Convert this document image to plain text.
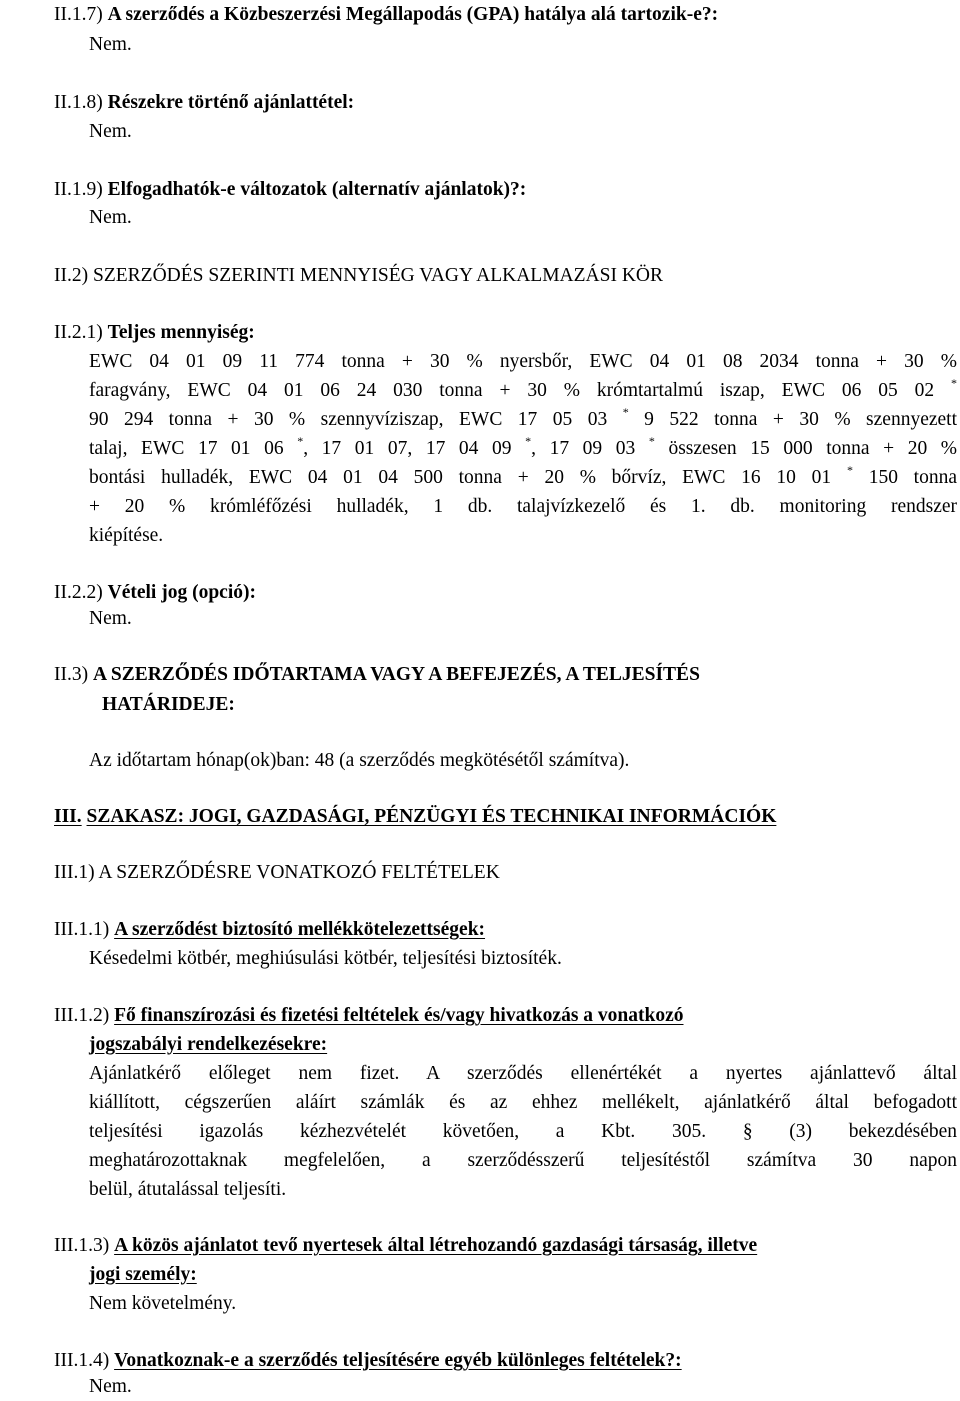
II.1.7) A szerződés a Közbeszerzési Megállapodás (GPA) hatálya alá tartozik-e?:
Nem.
II.1.8) Részekre történő ajánlattétel:
Nem.
II.1.9) Elfogadhatók-e változatok (alternatív ajánlatok)?:
Nem.
II.2) SZERZŐDÉS SZERINTI MENNYISÉG VAGY ALKALMAZÁSI KÖR
II.2.1) Teljes mennyiség:
EWC 04 01 09 11 774 tonna + 30 % nyersbőr, EWC 04 01 08 2034 tonna + 30 %
faragvány, EWC 04 01 06 24 030 tonna + 30 % krómtartalmú iszap, EWC 06 05 02 *
90 294 tonna + 30 % szennyvíziszap, EWC 17 05 03 * 9 522 tonna + 30 % szennyezett
talaj, EWC 17 01 06 *, 17 01 07, 17 04 09 *, 17 09 03 * összesen 15 000 tonna + 20 %
bontási hulladék, EWC 04 01 04 500 tonna + 20 % bőrvíz, EWC 16 10 01 * 150 tonna
+ 20 % krómléfőzési hulladék, 1 db. talajvízkezelő és 1. db. monitoring rendszer
kiépítése.
II.2.2) Vételi jog (opció):
Nem.
II.3) A SZERZŐDÉS IDŐTARTAMA VAGY A BEFEJEZÉS, A TELJESÍTÉS
HATÁRIDEJE:
Az időtartam hónap(ok)ban: 48 (a szerződés megkötésétől számítva).
III. SZAKASZ: JOGI, GAZDASÁGI, PÉNZÜGYI ÉS TECHNIKAI INFORMÁCIÓK
III.1) A SZERZŐDÉSRE VONATKOZÓ FELTÉTELEK
III.1.1) A szerződést biztosító mellékkötelezettségek:
Késedelmi kötbér, meghiúsulási kötbér, teljesítési biztosíték.
III.1.2) Fő finanszírozási és fizetési feltételek és/vagy hivatkozás a vonatkozó
jogszabályi rendelkezésekre:
Ajánlatkérő előleget nem fizet. A szerződés ellenértékét a nyertes ajánlattevő által
kiállított, cégszerűen aláírt számlák és az ehhez mellékelt, ajánlatkérő által befogadott
teljesítési igazolás kézhezvételét követően, a Kbt. 305. § (3) bekezdésében
meghatározottaknak megfelelően, a szerződésszerű teljesítéstől számítva 30 napon
belül, átutalással teljesíti.
III.1.3) A közös ajánlatot tevő nyertesek által létrehozandó gazdasági társaság, illetve
jogi személy:
Nem követelmény.
III.1.4) Vonatkoznak-e a szerződés teljesítésére egyéb különleges feltételek?:
Nem.
